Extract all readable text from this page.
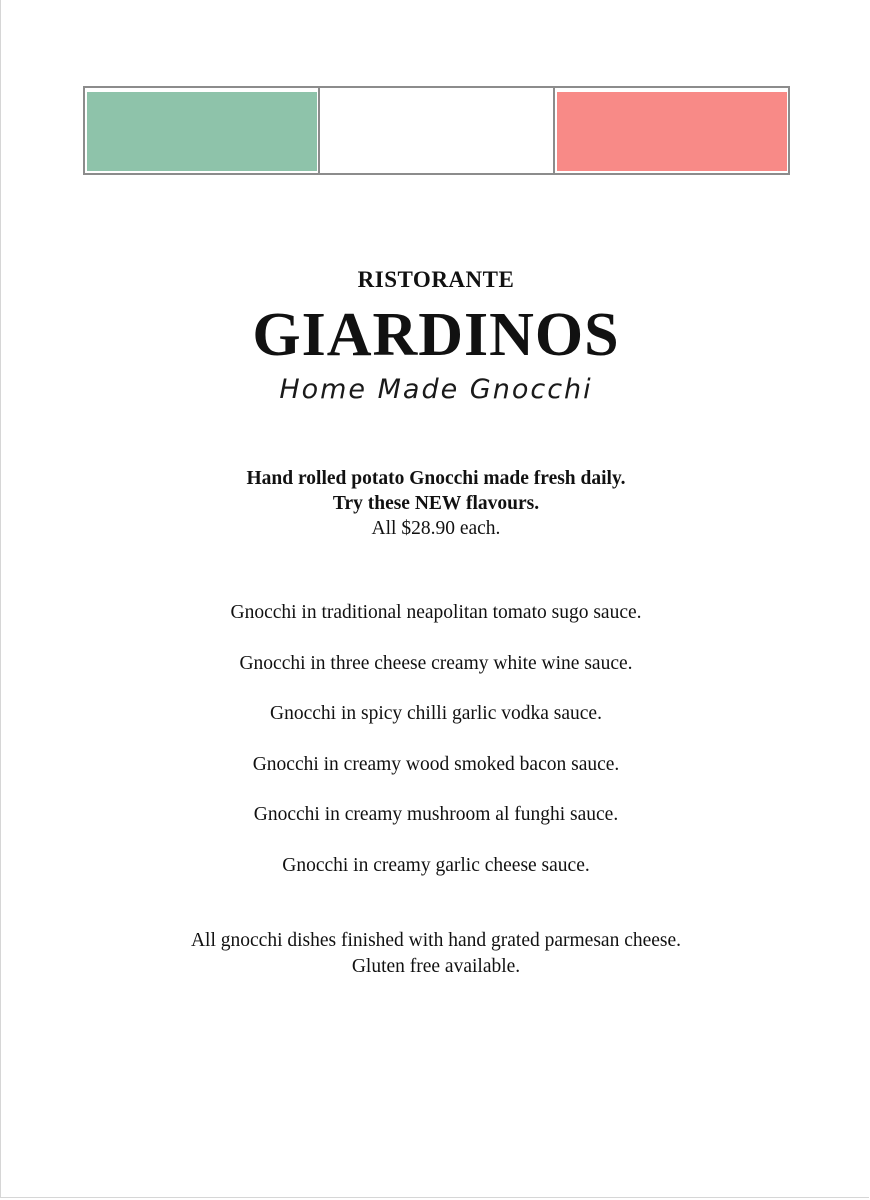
RISTORANTE
GIARDINOS
Home Made Gnocchi
Hand rolled potato Gnocchi made fresh daily.
Try these NEW flavours.
All $28.90 each.
Gnocchi in traditional neapolitan tomato sugo sauce.
Gnocchi in three cheese creamy white wine sauce.
Gnocchi in spicy chilli garlic vodka sauce.
Gnocchi in creamy wood smoked bacon sauce.
Gnocchi in creamy mushroom al funghi sauce.
Gnocchi in creamy garlic cheese sauce.
All gnocchi dishes finished with hand grated parmesan cheese.
Gluten free available.
